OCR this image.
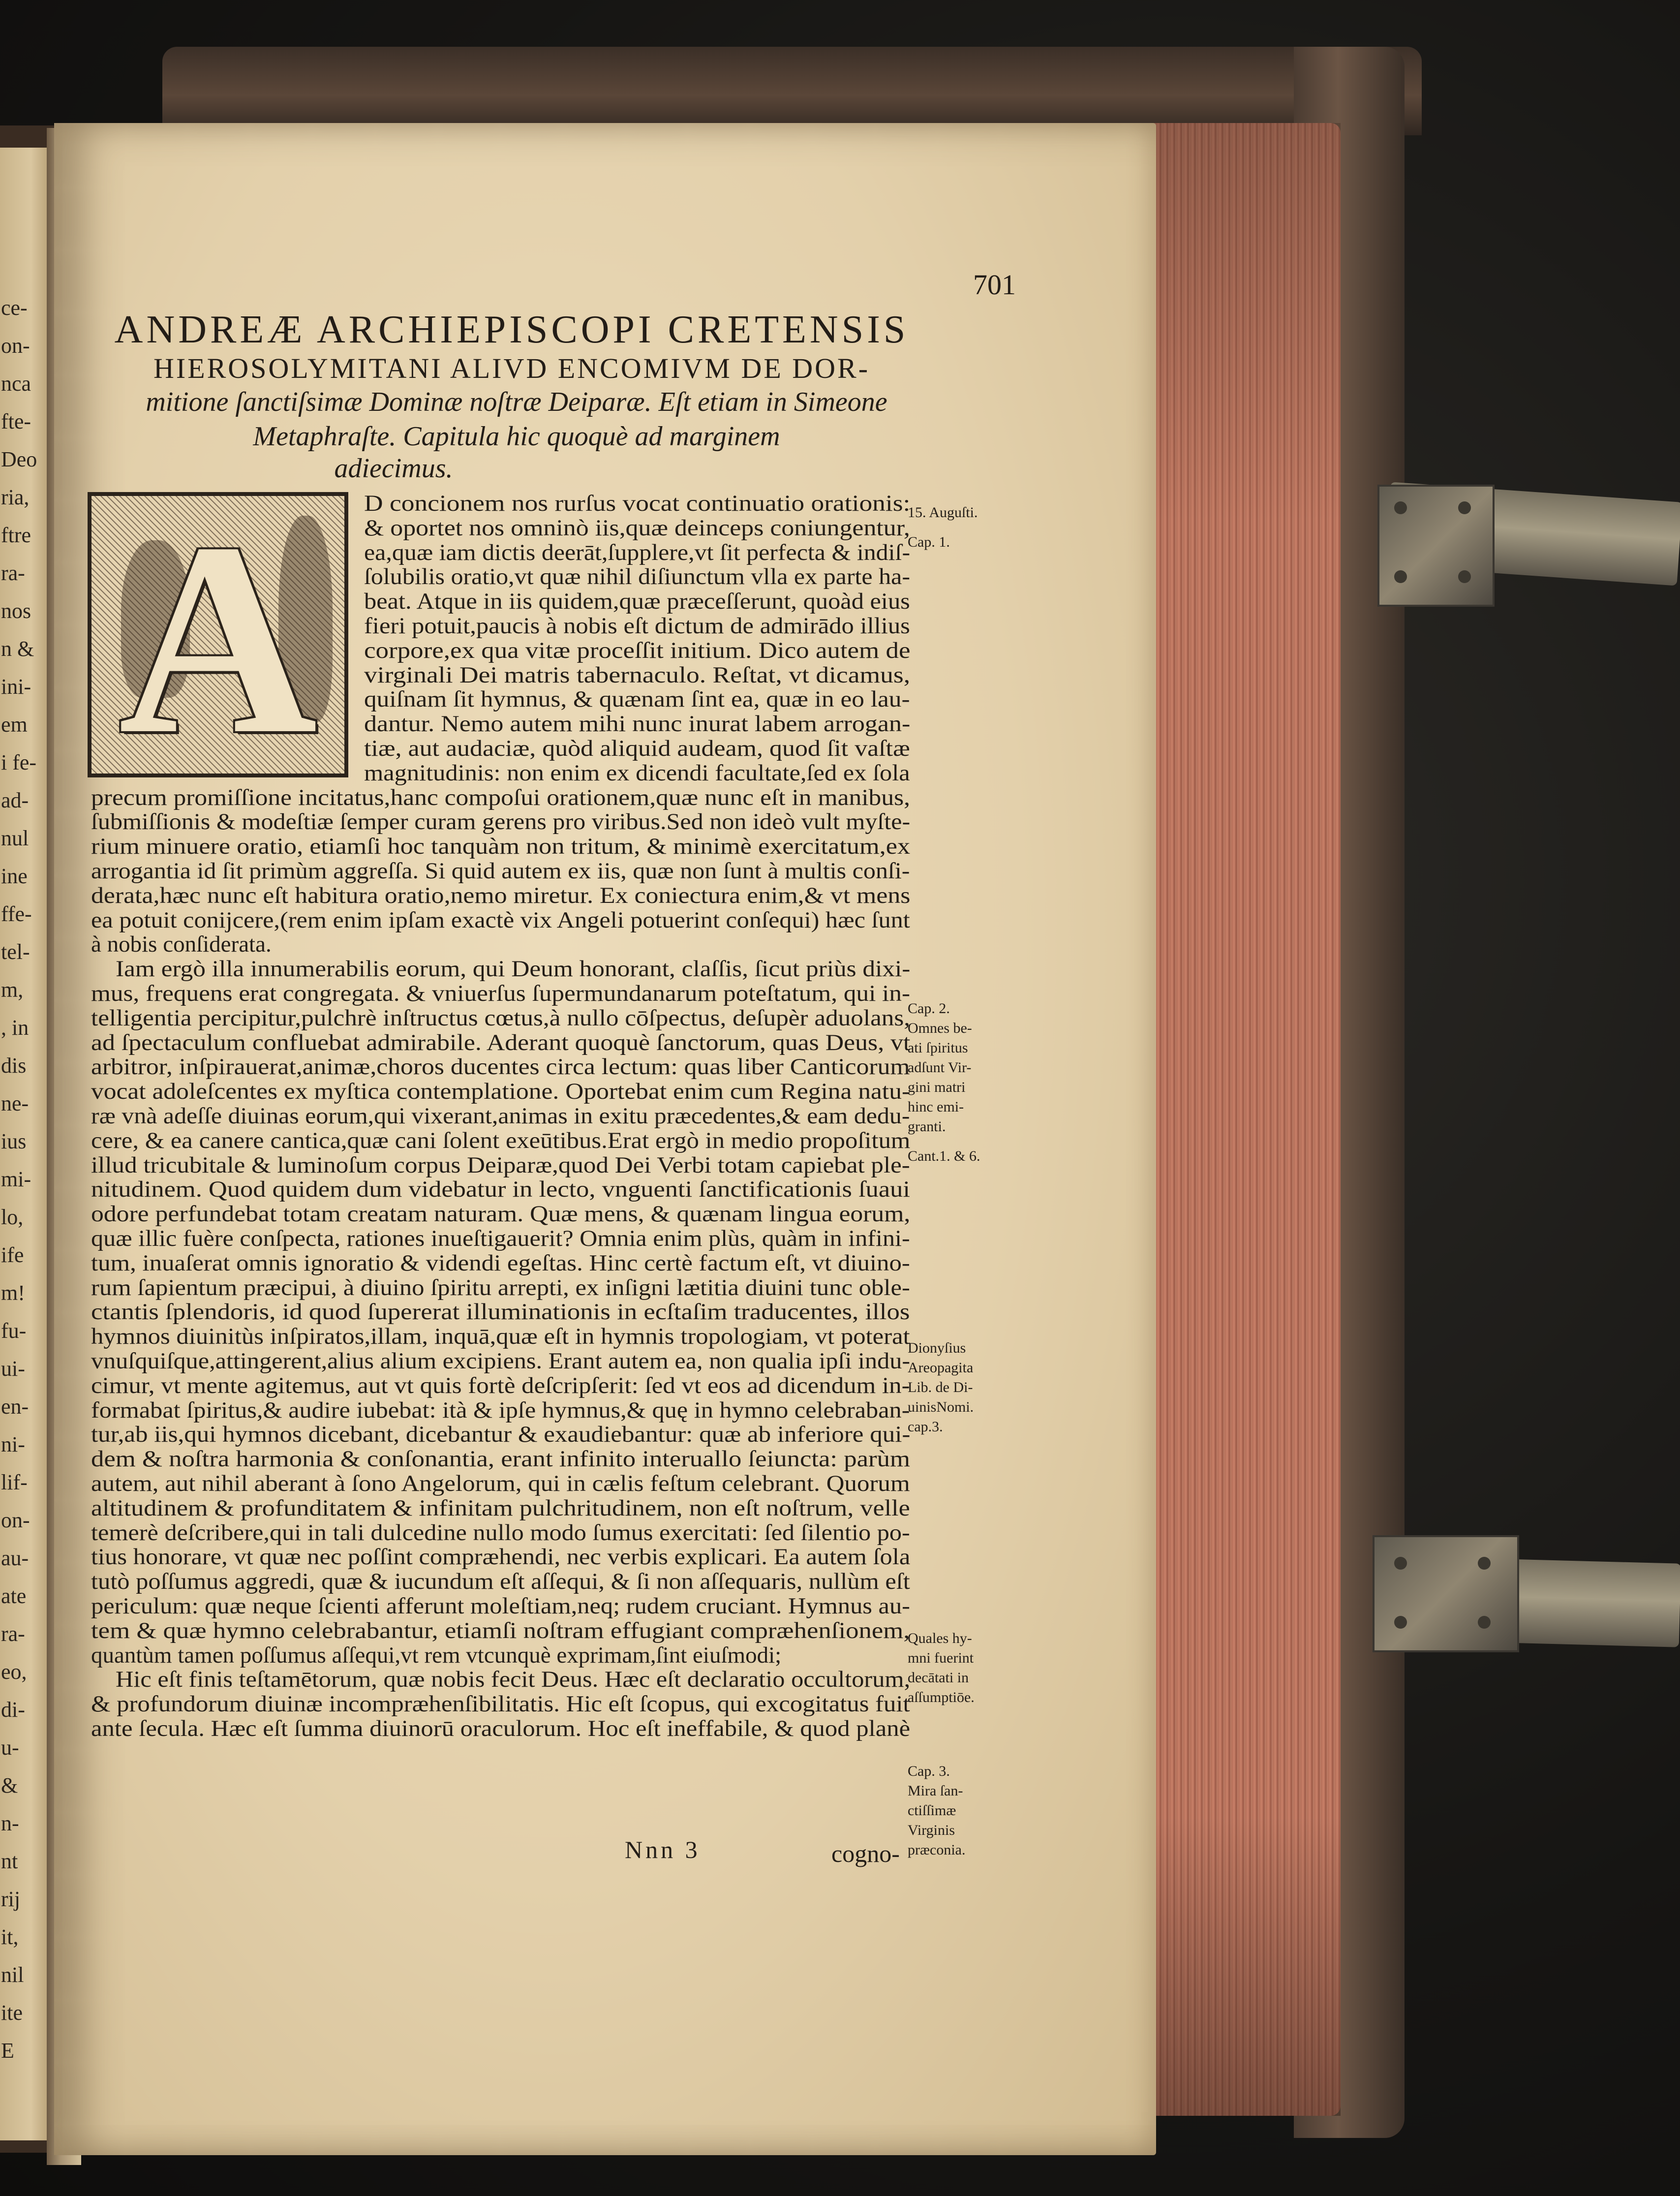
ce-
on-
nca
fte-
Deo
ria,
ftre
ra-
nos
n &
ini-
em
i fe-
ad-
nul
ine
ffe-
tel-
m,
, in
dis
ne-
ius
mi-
lo,
ife
m!
fu-
ui-
en-
ni-
lif-
on-
au-
ate
ra-
eo,
di-
u-
&
n-
nt
rij
it,
nil
ite
E
701
ANDREÆ ARCHIEPISCOPI CRETENSIS
HIEROSOLYMITANI ALIVD ENCOMIVM DE DOR-
mitione ſanctiſsimæ Dominæ noſtræ Deiparæ. Eſt etiam in Simeone
Metaphraſte. Capitula hic quoquè ad marginem
adiecimus.
A	D concionem nos rurſus vocat continuatio orationis:
& oportet nos omninò iis,quæ deinceps coniungentur,
ea,quæ iam dictis deerāt,ſupplere,vt ſit perfecta & indiſ-
ſolubilis oratio,vt quæ nihil diſiunctum vlla ex parte ha-
beat. Atque in iis quidem,quæ præceſſerunt, quoàd eius
fieri potuit,paucis à nobis eſt dictum de admirādo illius
corpore,ex qua vitæ proceſſit initium. Dico autem de
virginali Dei matris tabernaculo. Reſtat, vt dicamus,
quiſnam ſit hymnus, & quænam ſint ea, quæ in eo lau-
dantur. Nemo autem mihi nunc inurat labem arrogan-
tiæ, aut audaciæ, quòd aliquid audeam, quod ſit vaſtæ
magnitudinis: non enim ex dicendi facultate,ſed ex ſola
precum promiſſione incitatus,hanc compoſui orationem,quæ nunc eſt in manibus,
ſubmiſſionis & modeſtiæ ſemper curam gerens pro viribus.Sed non ideò vult myſte-
rium minuere oratio, etiamſi hoc tanquàm non tritum, & minimè exercitatum,ex
arrogantia id ſit primùm aggreſſa. Si quid autem ex iis, quæ non ſunt à multis conſi-
derata,hæc nunc eſt habitura oratio,nemo miretur. Ex coniectura enim,& vt mens
ea potuit conijcere,(rem enim ipſam exactè vix Angeli potuerint conſequi) hæc ſunt
à nobis conſiderata.
Iam ergò illa innumerabilis eorum, qui Deum honorant, claſſis, ſicut priùs dixi-
mus, frequens erat congregata. & vniuerſus ſupermundanarum poteſtatum, qui in-
telligentia percipitur,pulchrè inſtructus cœtus,à nullo cōſpectus, deſupèr aduolans,
ad ſpectaculum confluebat admirabile. Aderant quoquè ſanctorum, quas Deus, vt
arbitror, inſpirauerat,animæ,choros ducentes circa lectum: quas liber Canticorum
vocat adoleſcentes ex myſtica contemplatione. Oportebat enim cum Regina natu-
ræ vnà adeſſe diuinas eorum,qui vixerant,animas in exitu præcedentes,& eam dedu-
cere, & ea canere cantica,quæ cani ſolent exeūtibus.Erat ergò in medio propoſitum
illud tricubitale & luminoſum corpus Deiparæ,quod Dei Verbi totam capiebat ple-
nitudinem. Quod quidem dum videbatur in lecto, vnguenti ſanctificationis ſuaui
odore perfundebat totam creatam naturam. Quæ mens, & quænam lingua eorum,
quæ illic fuère conſpecta, rationes inueſtigauerit? Omnia enim plùs, quàm in infini-
tum, inuaſerat omnis ignoratio & videndi egeſtas. Hinc certè factum eſt, vt diuino-
rum ſapientum præcipui, à diuino ſpiritu arrepti, ex inſigni lætitia diuini tunc oble-
ctantis ſplendoris, id quod ſupererat illuminationis in ecſtaſim traducentes, illos
hymnos diuinitùs inſpiratos,illam, inquā,quæ eſt in hymnis tropologiam, vt poterat
vnuſquiſque,attingerent,alius alium excipiens. Erant autem ea, non qualia ipſi indu-
cimur, vt mente agitemus, aut vt quis fortè deſcripſerit: ſed vt eos ad dicendum in-
formabat ſpiritus,& audire iubebat: ità & ipſe hymnus,& quę in hymno celebraban-
tur,ab iis,qui hymnos dicebant, dicebantur & exaudiebantur: quæ ab inferiore qui-
dem & noſtra harmonia & conſonantia, erant infinito interuallo ſeiuncta: parùm
autem, aut nihil aberant à ſono Angelorum, qui in cælis feſtum celebrant. Quorum
altitudinem & profunditatem & infinitam pulchritudinem, non eſt noſtrum, velle
temerè deſcribere,qui in tali dulcedine nullo modo ſumus exercitati: ſed ſilentio po-
tius honorare, vt quæ nec poſſint compræhendi, nec verbis explicari. Ea autem ſola
tutò poſſumus aggredi, quæ & iucundum eſt aſſequi, & ſi non aſſequaris, nullùm eſt
periculum: quæ neque ſcienti afferunt moleſtiam,neq; rudem cruciant. Hymnus au-
tem & quæ hymno celebrabantur, etiamſi noſtram effugiant compræhenſionem,
quantùm tamen poſſumus aſſequi,vt rem vtcunquè exprimam,ſint eiuſmodi;
Hic eſt finis teſtamētorum, quæ nobis fecit Deus. Hæc eſt declaratio occultorum,
& profundorum diuinæ incompræhenſibilitatis. Hic eſt ſcopus, qui excogitatus fuit
ante ſecula. Hæc eſt ſumma diuinorū oraculorum. Hoc eſt ineffabile, & quod planè
Nnn 3	cogno-
15. Auguſti.
Cap. 1.
Cap. 2.
Omnes be-
ati ſpiritus
adſunt Vir-
gini matri
hinc emi-
granti.
Cant.1. & 6.
Dionyſius
Areopagita
Lib. de Di-
uinisNomi.
cap.3.
Quales hy-
mni fuerint
decātati in
aſſumptiōe.
Cap. 3.
Mira ſan-
ctiſſimæ
Virginis
præconia.
